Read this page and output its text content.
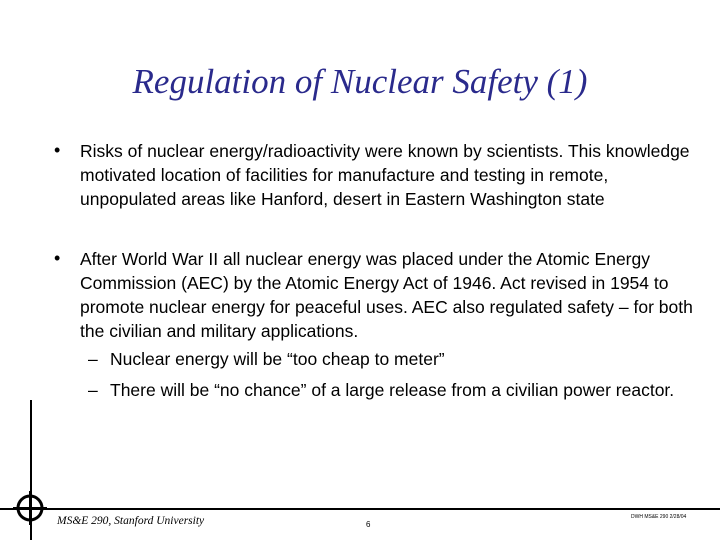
Regulation of Nuclear Safety (1)
• Risks of nuclear energy/radioactivity were known by scientists. This knowledge motivated location of facilities for manufacture and testing in remote, unpopulated areas like Hanford, desert in Eastern Washington state
• After World War II all nuclear energy was placed under the Atomic Energy Commission (AEC) by the Atomic Energy Act of 1946. Act revised in 1954 to promote nuclear energy for peaceful uses. AEC also regulated safety – for both the civilian and military applications.
– Nuclear energy will be “too cheap to meter”
– There will be “no chance” of a large release from a civilian power reactor.
MS&E 290, Stanford University	6
DWH MS&E 290 2/28/04
